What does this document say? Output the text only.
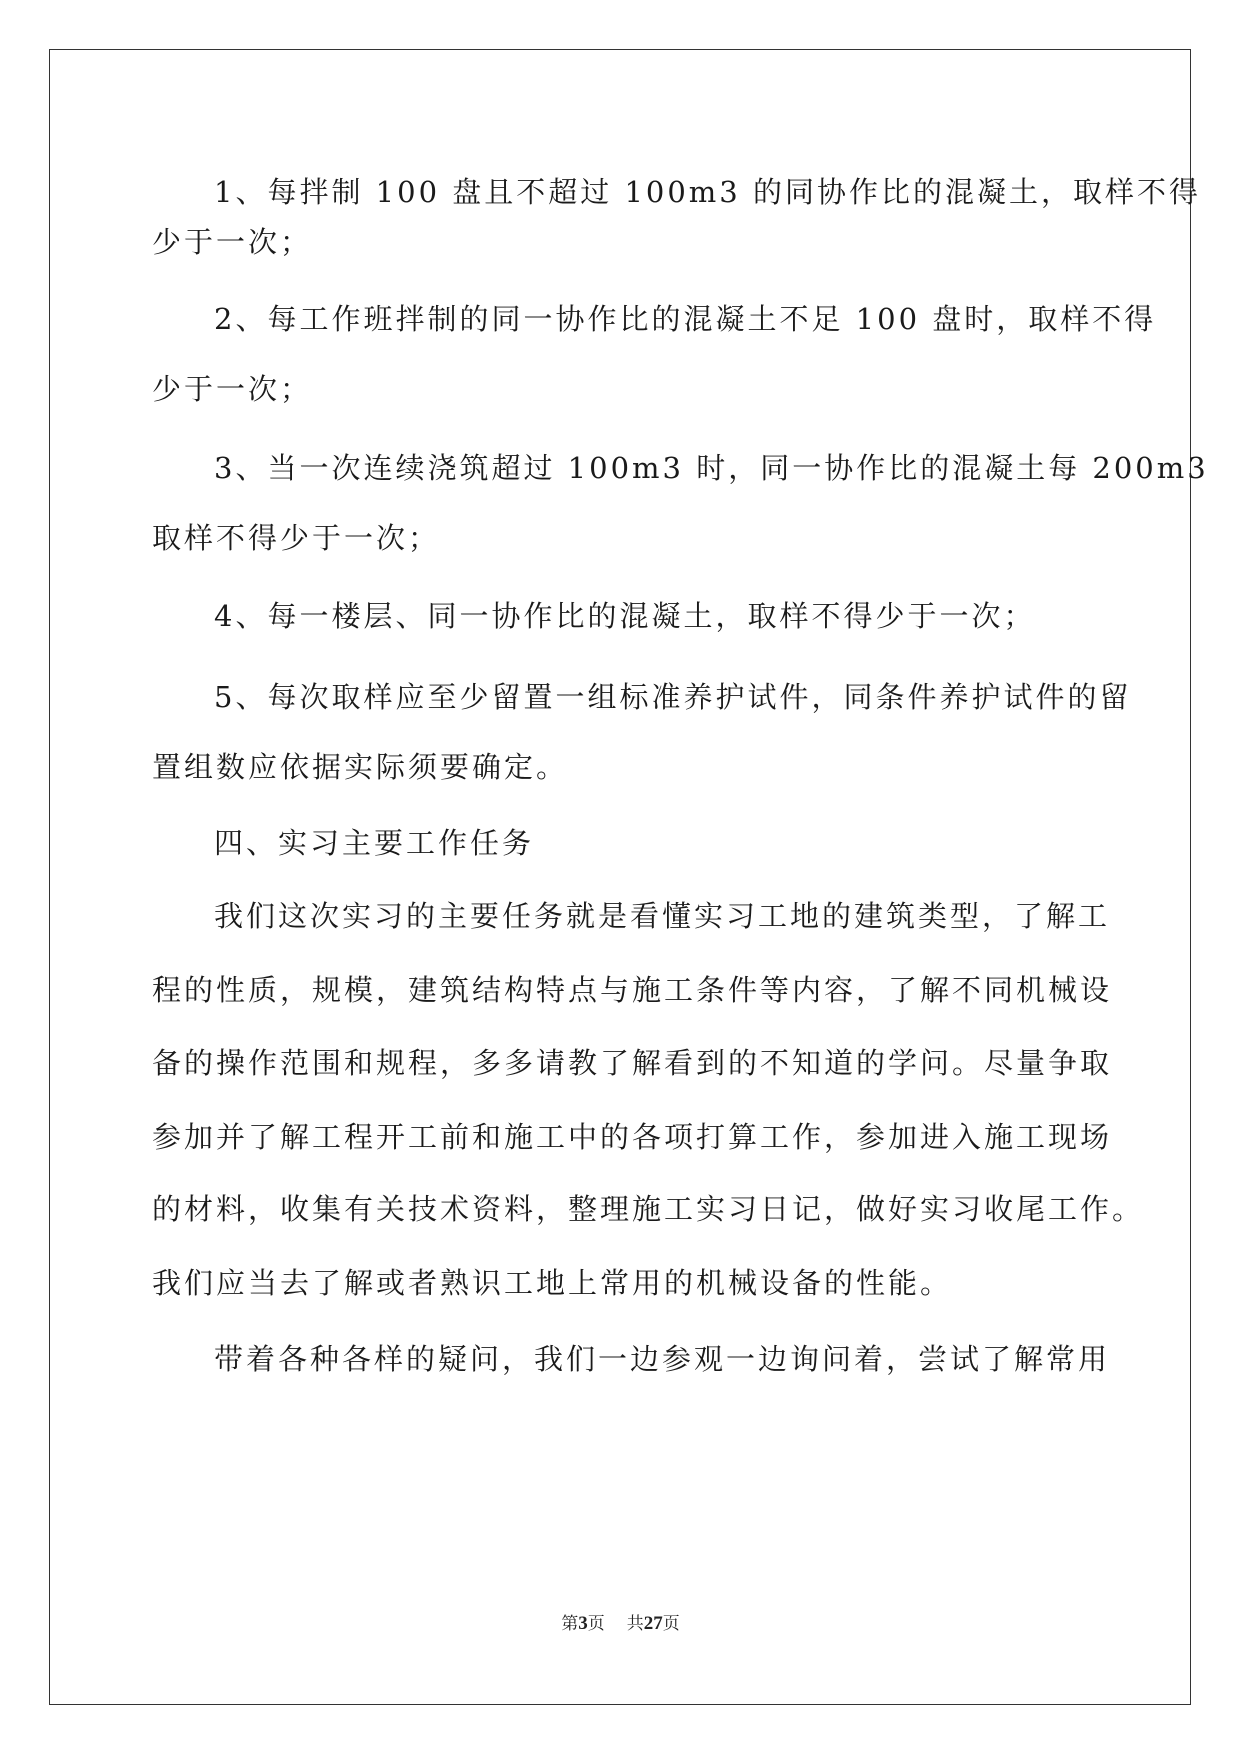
1、每拌制 100 盘且不超过 100m3 的同协作比的混凝土，取样不得
少于一次；
2、每工作班拌制的同一协作比的混凝土不足 100 盘时，取样不得
少于一次；
3、当一次连续浇筑超过 100m3 时，同一协作比的混凝土每 200m3
取样不得少于一次；
4、每一楼层、同一协作比的混凝土，取样不得少于一次；
5、每次取样应至少留置一组标准养护试件，同条件养护试件的留
置组数应依据实际须要确定。
四、实习主要工作任务
我们这次实习的主要任务就是看懂实习工地的建筑类型，了解工
程的性质，规模，建筑结构特点与施工条件等内容，了解不同机械设
备的操作范围和规程，多多请教了解看到的不知道的学问。尽量争取
参加并了解工程开工前和施工中的各项打算工作，参加进入施工现场
的材料，收集有关技术资料，整理施工实习日记，做好实习收尾工作。
我们应当去了解或者熟识工地上常用的机械设备的性能。
带着各种各样的疑问，我们一边参观一边询问着，尝试了解常用
第3页 共27页
